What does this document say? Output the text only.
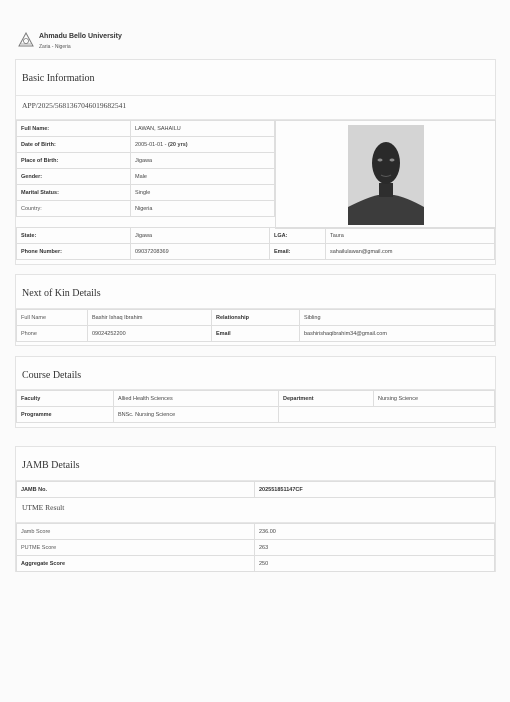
Ahmadu Bello University
Zaria - Nigeria
Basic Information
APP/2025/56813670460196825​41
Full Name:	LAWAN, SAHAILU
Date of Birth:	2005-01-01 - (20 yrs)
Place of Birth:	Jigawa
Gender:	Male
Marital Status:	Single
Country:	Nigeria
State:	Jigawa	LGA:	Taura
Phone Number:	09037208369	Email:	sahailulawan@gmail.com
Next of Kin Details
Full Name	Bashir Ishaq Ibrahim	Relationship	Sibling
Phone	09024252200	Email	bashirishaqibrahim34@gmail.com
Course Details
Faculty	Allied Health Sciences	Department	Nursing Science
Programme	BNSc. Nursing Science		
JAMB Details
JAMB No.	202551851147CF
UTME Result
Jamb Score	236.00
PUTME Score	263
Aggregate Score	250
